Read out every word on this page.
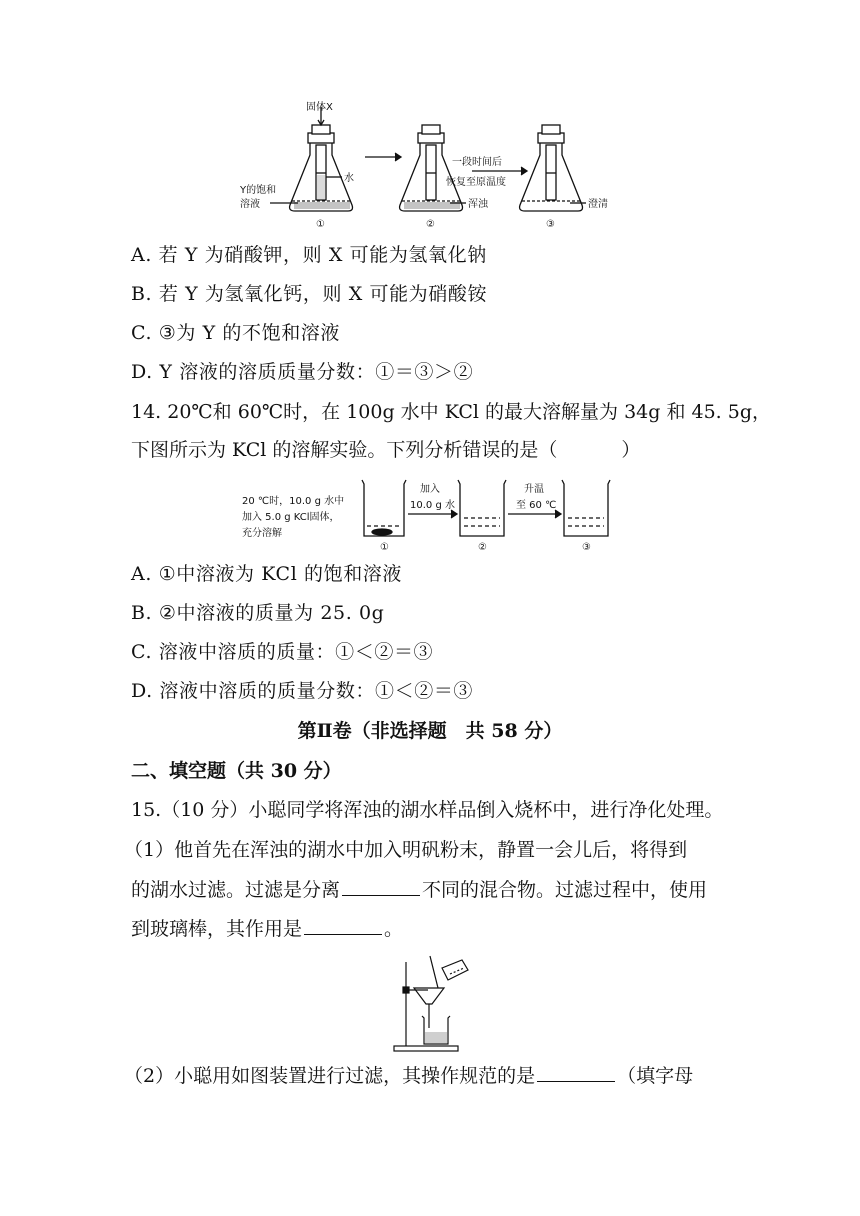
固体X
Y的饱和
溶液
水
一段时间后
恢复至原温度
浑浊	澄清
①	②	③
A. 若 Y 为硝酸钾，则 X 可能为氢氧化钠
B. 若 Y 为氢氧化钙，则 X 可能为硝酸铵
C. ③为 Y 的不饱和溶液
D. Y 溶液的溶质质量分数：①＝③＞②
14. 20℃和 60℃时，在 100g 水中 KCl 的最大溶解量为 34g 和 45. 5g，
下图所示为 KCl 的溶解实验。下列分析错误的是（	）
20 ℃时，10.0 g 水中
加入 5.0 g KCl固体，
充分溶解
加入
10.0 g 水
升温
至 60 ℃
①	②	③
A. ①中溶液为 KCl 的饱和溶液
B. ②中溶液的质量为 25. 0g
C. 溶液中溶质的质量：①＜②＝③
D. 溶液中溶质的质量分数：①＜②＝③
第Ⅱ卷（非选择题　共 58 分）
二、填空题（共 30 分）
15.（10 分）小聪同学将浑浊的湖水样品倒入烧杯中，进行净化处理。
（1）他首先在浑浊的湖水中加入明矾粉末，静置一会儿后，将得到
的湖水过滤。过滤是分离	不同的混合物。过滤过程中，使用
到玻璃棒，其作用是	。
（2）小聪用如图装置进行过滤，其操作规范的是	（填字母
